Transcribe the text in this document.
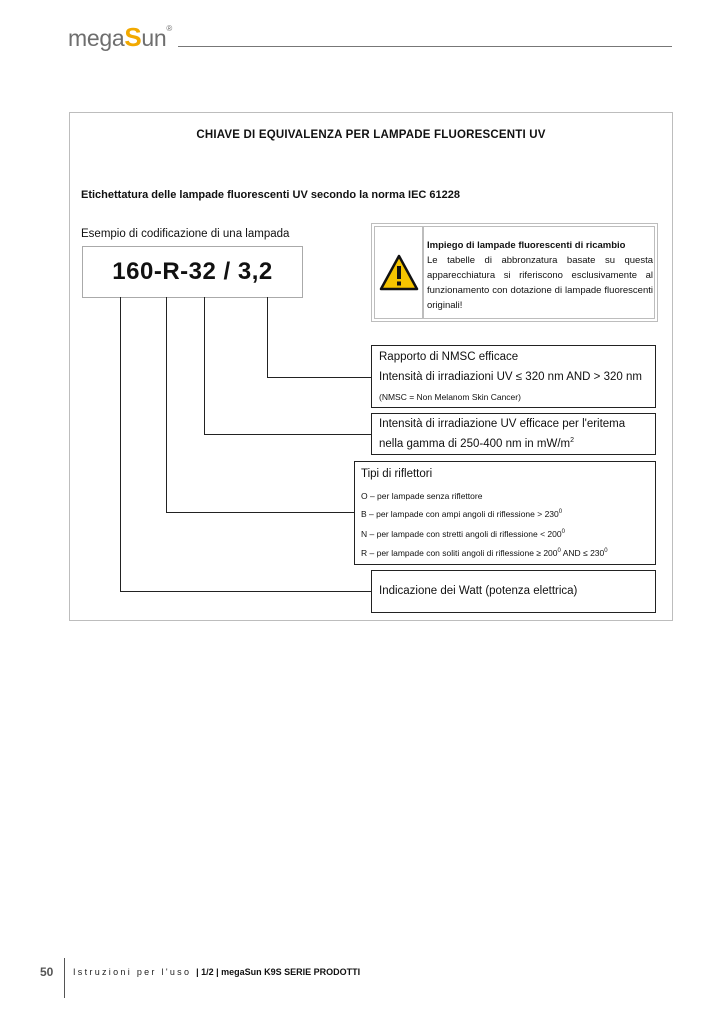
megaSun®
CHIAVE DI EQUIVALENZA PER LAMPADE FLUORESCENTI UV
Etichettatura delle lampade fluorescenti UV secondo la norma IEC 61228
Esempio di codificazione di una lampada
160-R-32 / 3,2
Impiego di lampade fluorescenti di ricambio
Le tabelle di abbronzatura basate su questa apparecchiatura si riferiscono esclusivamente al funzionamento con dotazione di lampade fluorescenti originali!
Rapporto di NMSC efficace
Intensità di irradiazioni UV ≤ 320 nm AND > 320 nm
(NMSC = Non Melanom Skin Cancer)
Intensità di irradiazione UV efficace per l'eritema
nella gamma di 250-400 nm in $mW/m^2$
Tipi di riflettori
O – per lampade senza riflettore
B – per lampade con ampi angoli di riflessione > $230^0$
N – per lampade con stretti angoli di riflessione < $200^0$
R – per lampade con soliti angoli di riflessione ≥ $200^0$ AND ≤ $230^0$
Indicazione dei Watt (potenza elettrica)
50 Istruzioni per l'uso | 1/2 | megaSun K9S SERIE PRODOTTI
